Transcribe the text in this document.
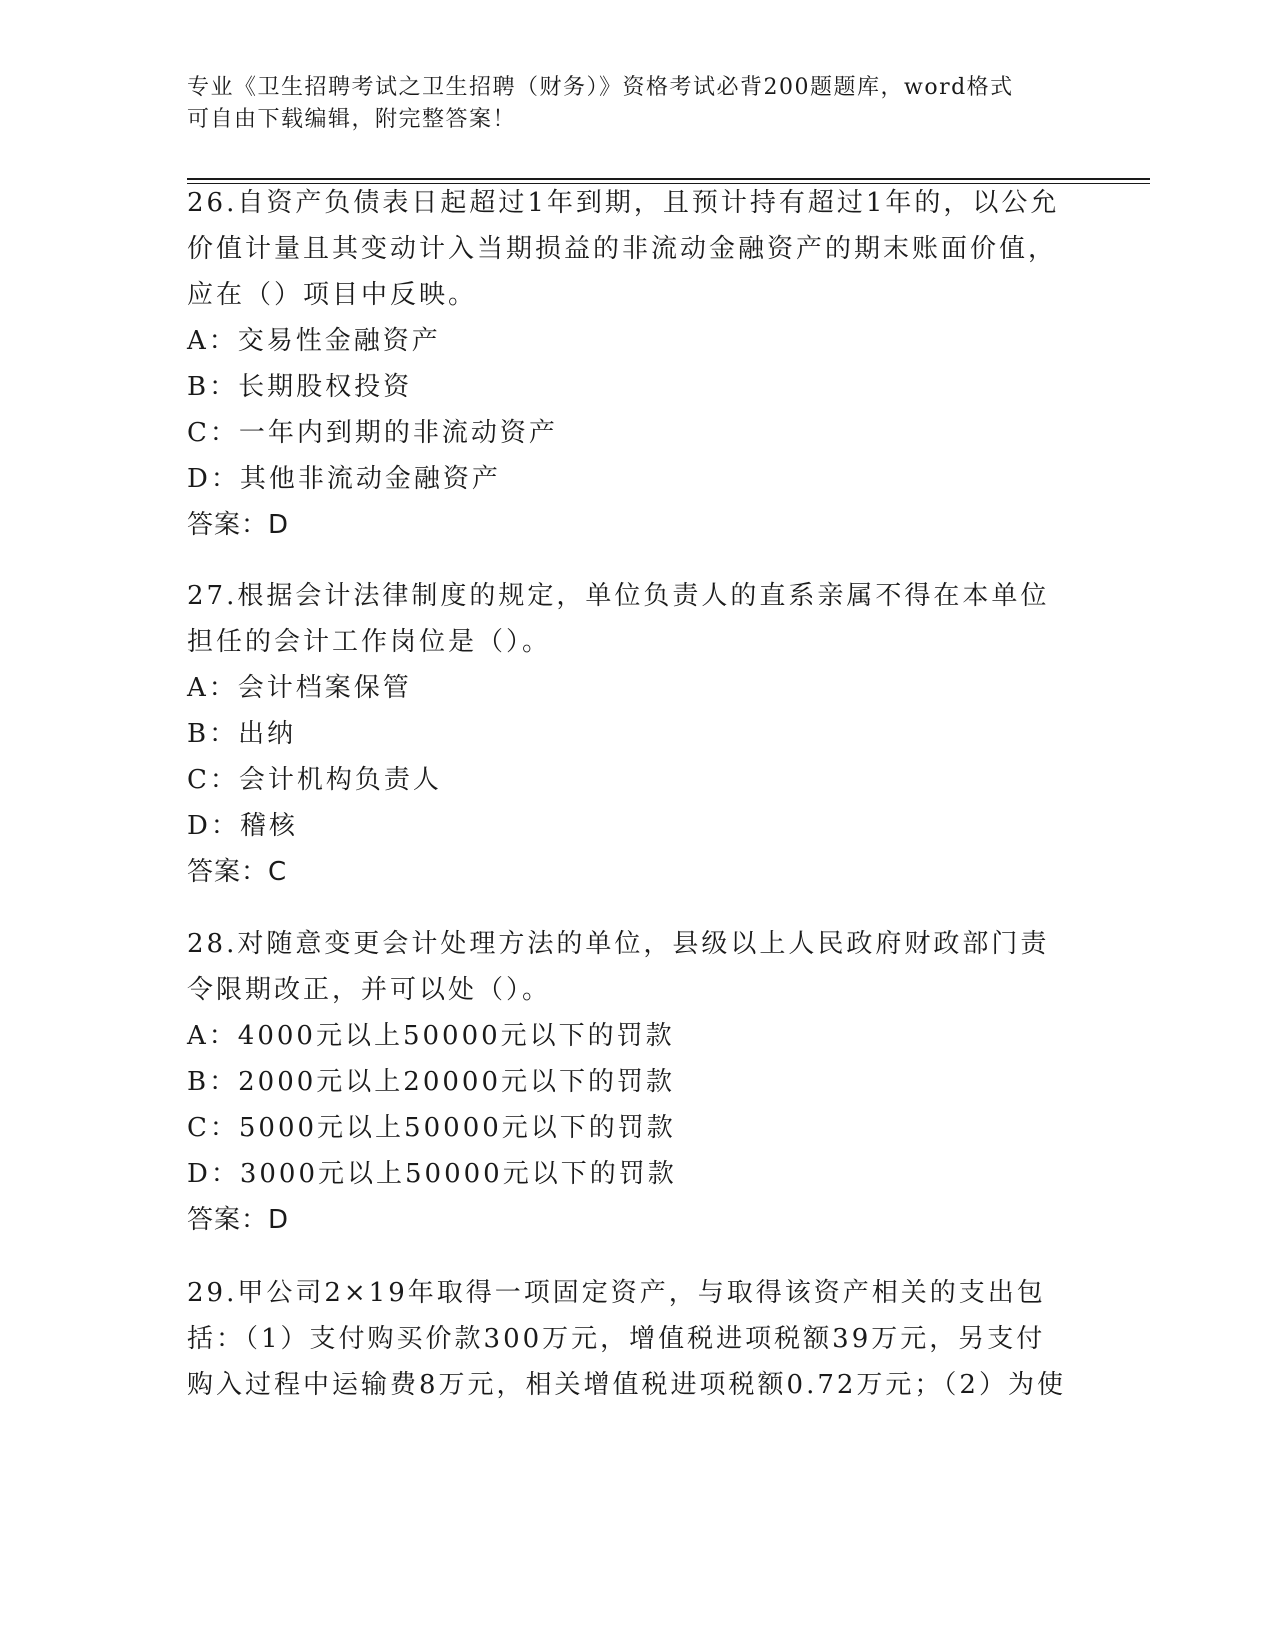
专业《卫生招聘考试之卫生招聘（财务）》资格考试必背200题题库，word格式
可自由下载编辑，附完整答案！
26.自资产负债表日起超过1年到期，且预计持有超过1年的，以公允价值计量且其变动计入当期损益的非流动金融资产的期末账面价值，应在（）项目中反映。
A：交易性金融资产
B：长期股权投资
C：一年内到期的非流动资产
D：其他非流动金融资产
答案：D
27.根据会计法律制度的规定，单位负责人的直系亲属不得在本单位担任的会计工作岗位是（）。
A：会计档案保管
B：出纳
C：会计机构负责人
D：稽核
答案：C
28.对随意变更会计处理方法的单位，县级以上人民政府财政部门责令限期改正，并可以处（）。
A：4000元以上50000元以下的罚款
B：2000元以上20000元以下的罚款
C：5000元以上50000元以下的罚款
D：3000元以上50000元以下的罚款
答案：D
29.甲公司2×19年取得一项固定资产，与取得该资产相关的支出包括：（1）支付购买价款300万元，增值税进项税额39万元，另支付购入过程中运输费8万元，相关增值税进项税额0.72万元；（2）为使
